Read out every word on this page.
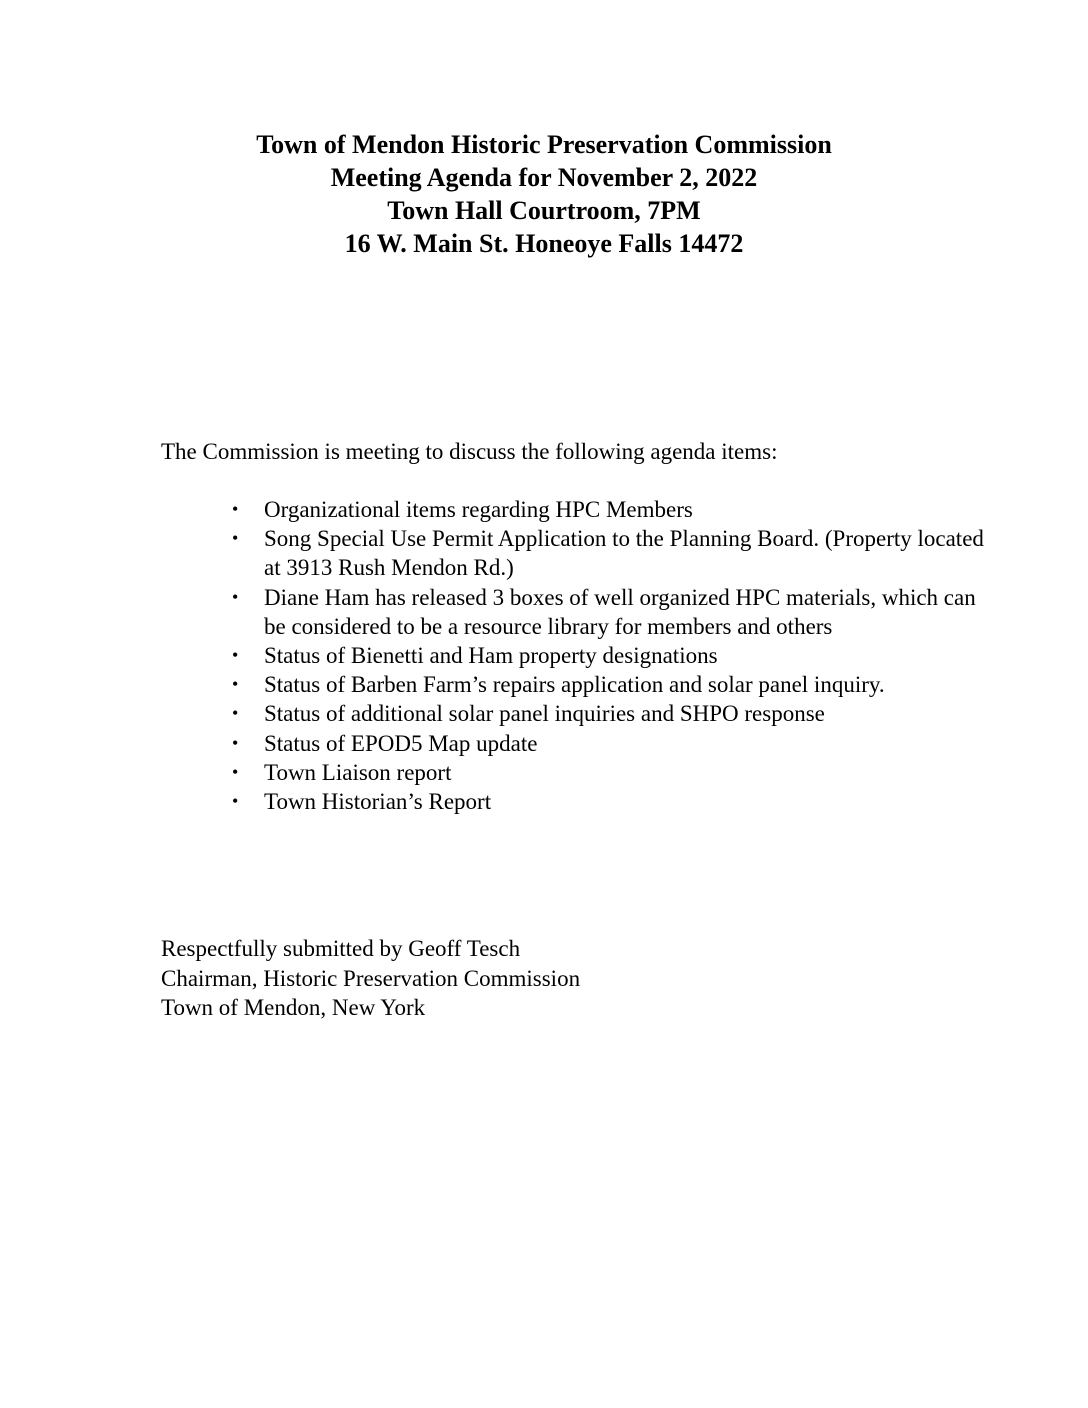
Town of Mendon Historic Preservation Commission
Meeting Agenda for November 2, 2022
Town Hall Courtroom, 7PM
16 W. Main St. Honeoye Falls 14472
The Commission is meeting to discuss the following agenda items:
•	Organizational items regarding HPC Members
•	Song Special Use Permit Application to the Planning Board. (Property located at 3913 Rush Mendon Rd.)
•	Diane Ham has released 3 boxes of well organized HPC materials, which can be considered to be a resource library for members and others
•	Status of Bienetti and Ham property designations
•	Status of Barben Farm’s repairs application and solar panel inquiry.
•	Status of additional solar panel inquiries and SHPO response
•	Status of EPOD5 Map update
•	Town Liaison report
•	Town Historian’s Report
Respectfully submitted by Geoff Tesch
Chairman, Historic Preservation Commission
Town of Mendon, New York
